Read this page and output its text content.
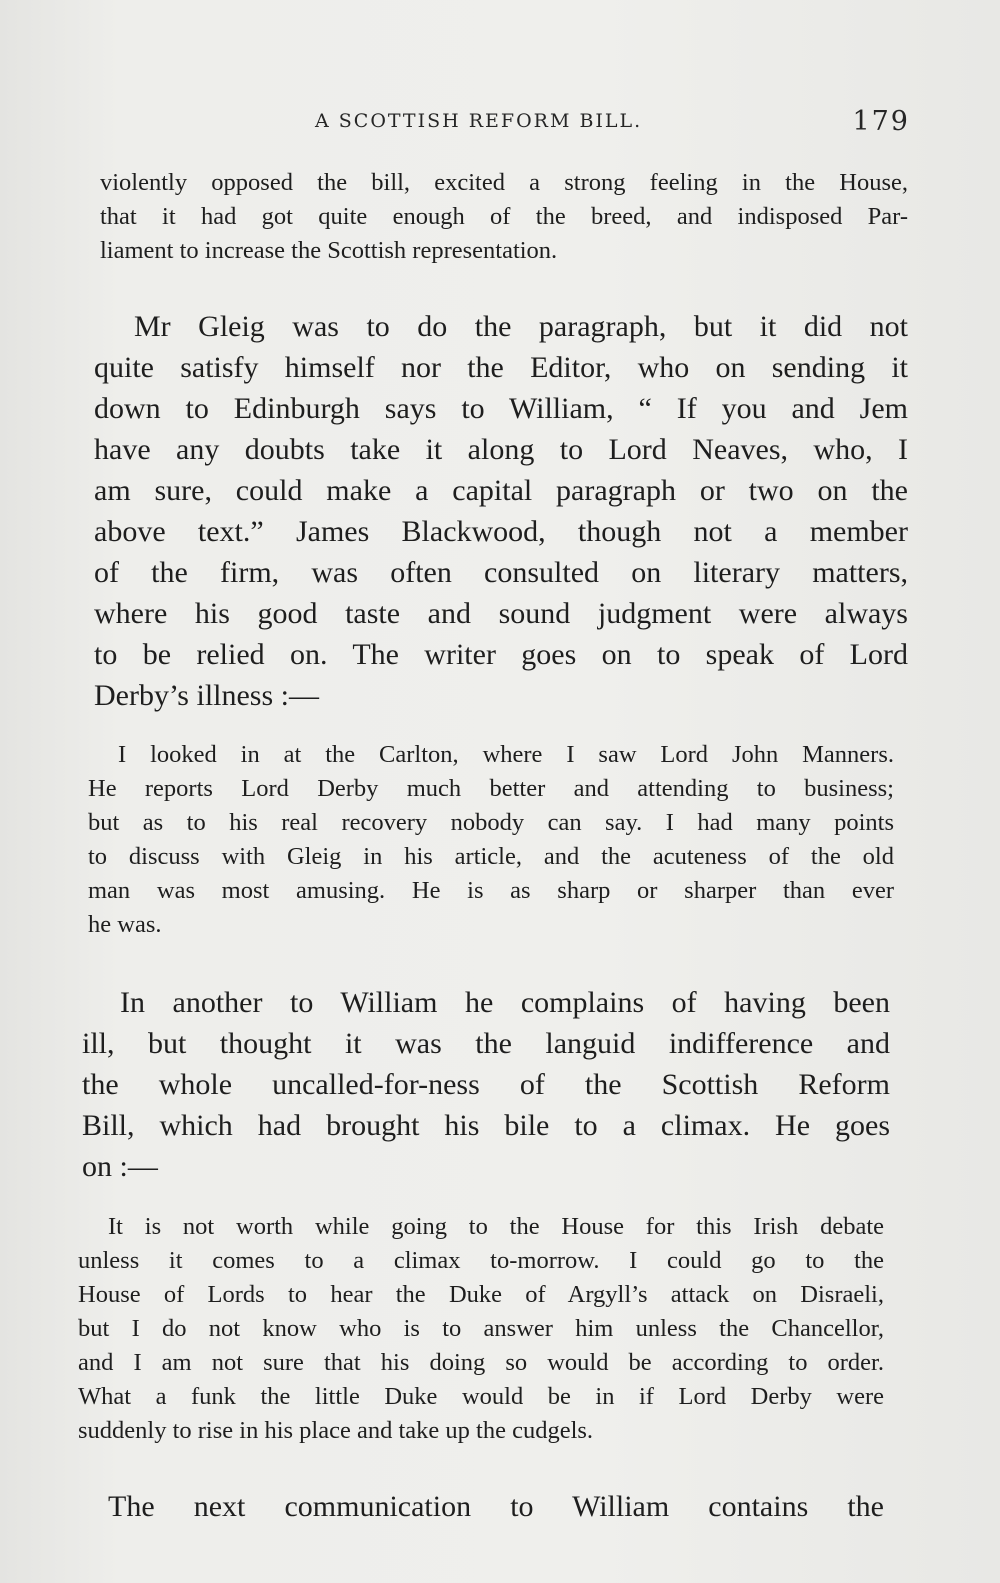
A SCOTTISH REFORM BILL.	179
violently opposed the bill, excited a strong feeling in the House,
that it had got quite enough of the breed, and indisposed Par-
liament to increase the Scottish representation.
Mr Gleig was to do the paragraph, but it did not
quite satisfy himself nor the Editor, who on sending it
down to Edinburgh says to William, “ If you and Jem
have any doubts take it along to Lord Neaves, who, I
am sure, could make a capital paragraph or two on the
above text.” James Blackwood, though not a member
of the firm, was often consulted on literary matters,
where his good taste and sound judgment were always
to be relied on. The writer goes on to speak of Lord
Derby’s illness :—
I looked in at the Carlton, where I saw Lord John Manners.
He reports Lord Derby much better and attending to business;
but as to his real recovery nobody can say. I had many points
to discuss with Gleig in his article, and the acuteness of the old
man was most amusing. He is as sharp or sharper than ever
he was.
In another to William he complains of having been
ill, but thought it was the languid indifference and
the whole uncalled-for-ness of the Scottish Reform
Bill, which had brought his bile to a climax. He goes
on :—
It is not worth while going to the House for this Irish debate
unless it comes to a climax to-morrow. I could go to the
House of Lords to hear the Duke of Argyll’s attack on Disraeli,
but I do not know who is to answer him unless the Chancellor,
and I am not sure that his doing so would be according to order.
What a funk the little Duke would be in if Lord Derby were
suddenly to rise in his place and take up the cudgels.
The next communication to William contains the
